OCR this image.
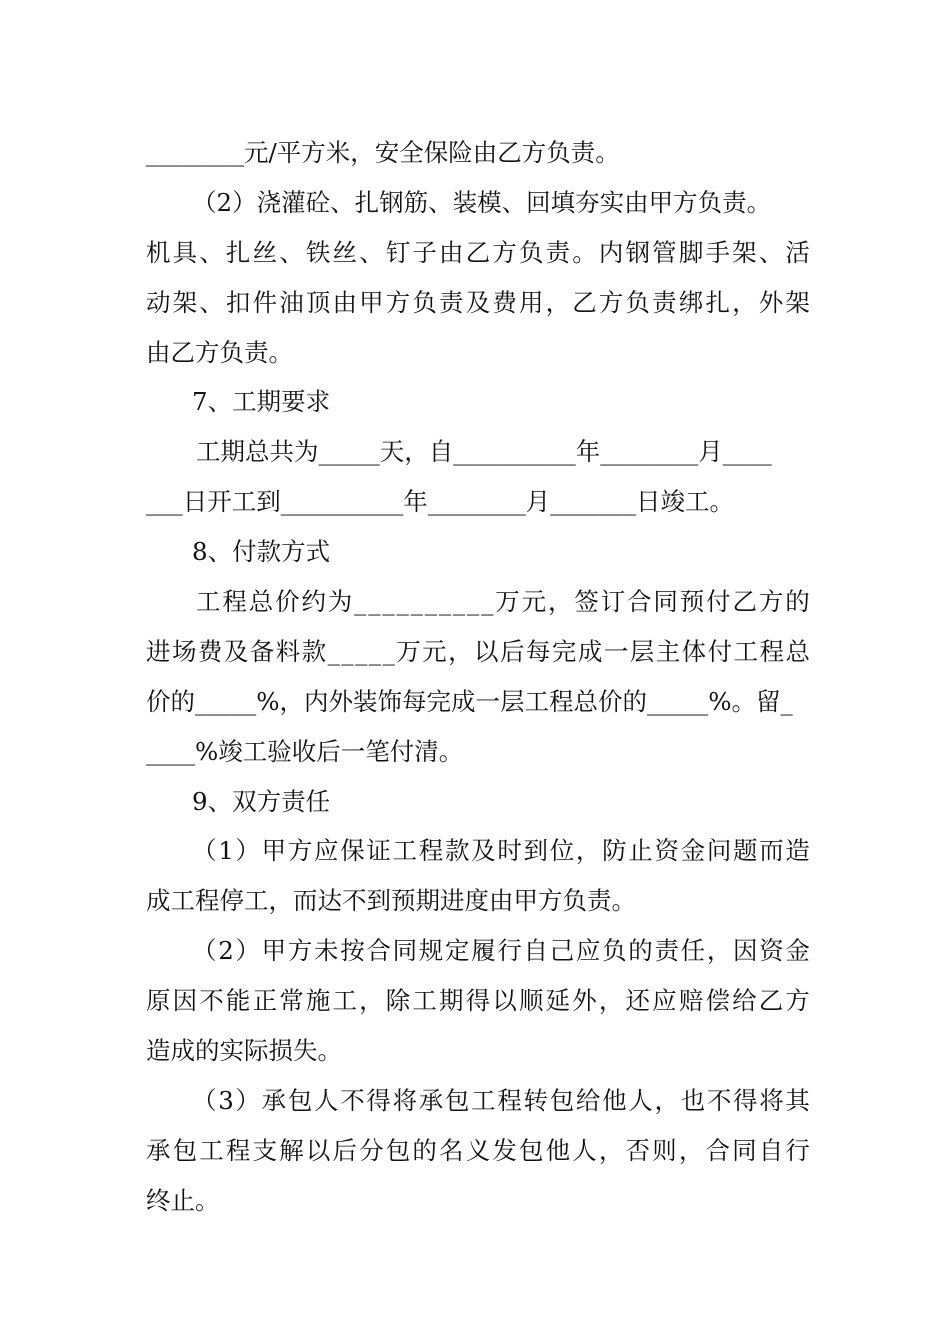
________元/平方米，安全保险由乙方负责。
（2）浇灌砼、扎钢筋、装模、回填夯实由甲方负责。
机 具 、 扎 丝 、 铁 丝 、 钉 子 由 乙 方 负 责 。 内 钢 管 脚 手 架 、 活
动 架 、 扣 件 油 顶 由 甲 方 负 责 及 费 用 ， 乙 方 负 责 绑 扎 ， 外 架
由乙方负责。
7、工期要求
工期总共为_____天，自__________年________月____
___日开工到__________年________月_______日竣工。
8、付款方式
工 程 总 价 约 为 _ _ _ _ _ _ _ _ _ _ 万 元 ， 签 订 合 同 预 付 乙 方 的
进 场 费 及 备 料 款 _ _ _ _ _ 万 元 ， 以 后 每 完 成 一 层 主 体 付 工 程 总
价的_____%，内外装饰每完成一层工程总价的_____%。留_
____%竣工验收后一笔付清。
9、双方责任
（ 1 ） 甲 方 应 保 证 工 程 款 及 时 到 位 ， 防 止 资 金 问 题 而 造
成工程停工，而达不到预期进度由甲方负责。
（ 2 ） 甲 方 未 按 合 同 规 定 履 行 自 己 应 负 的 责 任 ， 因 资 金
原 因 不 能 正 常 施 工 ， 除 工 期 得 以 顺 延 外 ， 还 应 赔 偿 给 乙 方
造成的实际损失。
（ 3 ） 承 包 人 不 得 将 承 包 工 程 转 包 给 他 人 ， 也 不 得 将 其
承 包 工 程 支 解 以 后 分 包 的 名 义 发 包 他 人 ， 否 则 ， 合 同 自 行
终止。
